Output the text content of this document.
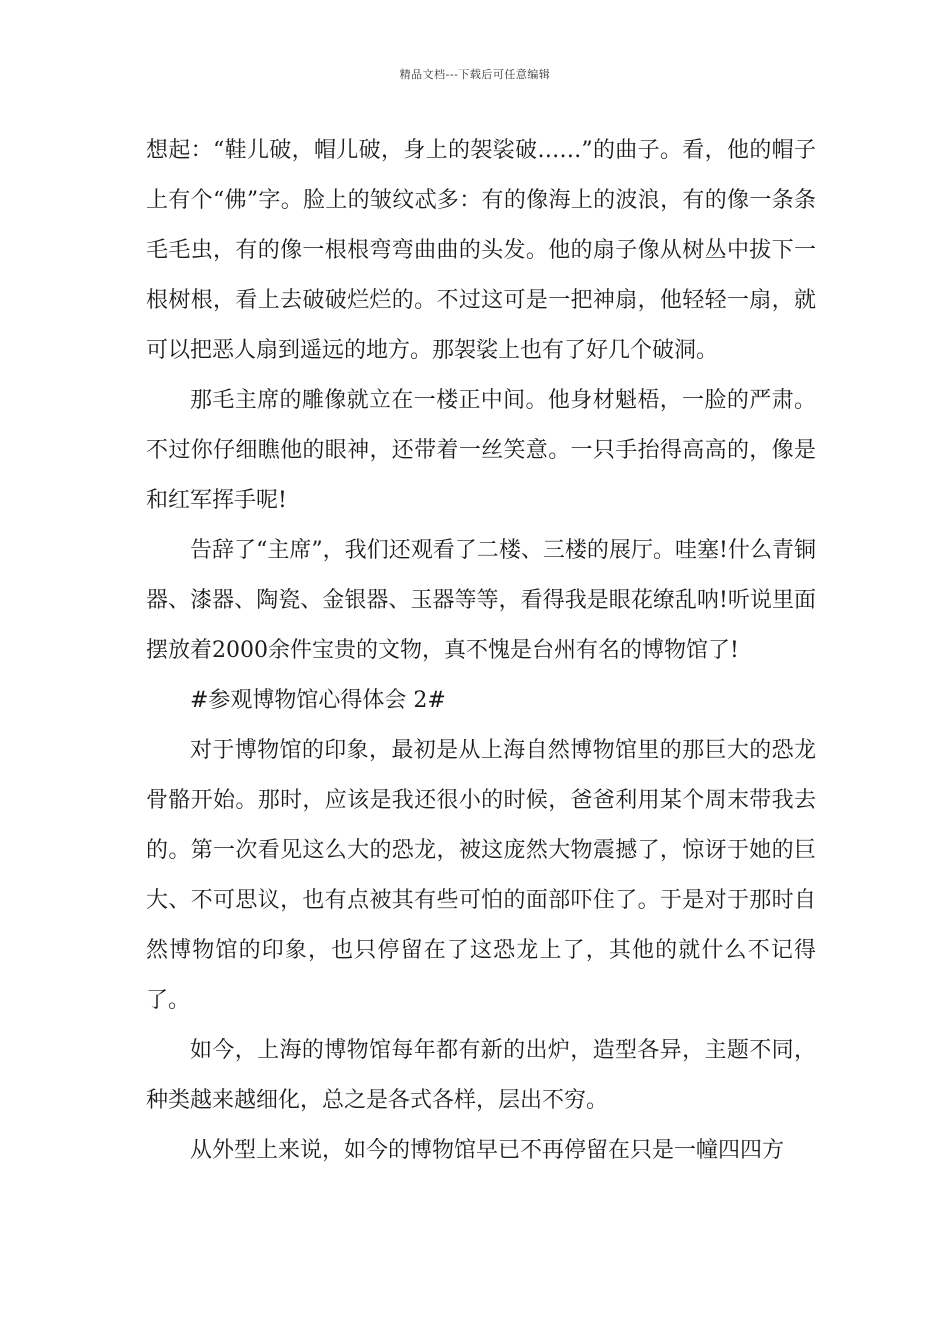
精品文档---下载后可任意编辑

想起：“鞋儿破，帽儿破，身上的袈裟破……”的曲子。看，他的帽子上有个“佛”字。脸上的皱纹忒多：有的像海上的波浪，有的像一条条毛毛虫，有的像一根根弯弯曲曲的头发。他的扇子像从树丛中拔下一根树根，看上去破破烂烂的。不过这可是一把神扇，他轻轻一扇，就可以把恶人扇到遥远的地方。那袈裟上也有了好几个破洞。

那毛主席的雕像就立在一楼正中间。他身材魁梧，一脸的严肃。不过你仔细瞧他的眼神，还带着一丝笑意。一只手抬得高高的，像是和红军挥手呢!

告辞了“主席”，我们还观看了二楼、三楼的展厅。哇塞!什么青铜器、漆器、陶瓷、金银器、玉器等等，看得我是眼花缭乱呐!听说里面摆放着2000余件宝贵的文物，真不愧是台州有名的博物馆了!

#参观博物馆心得体会 2#

对于博物馆的印象，最初是从上海自然博物馆里的那巨大的恐龙骨骼开始。那时，应该是我还很小的时候，爸爸利用某个周末带我去的。第一次看见这么大的恐龙，被这庞然大物震撼了，惊讶于她的巨大、不可思议，也有点被其有些可怕的面部吓住了。于是对于那时自然博物馆的印象，也只停留在了这恐龙上了，其他的就什么不记得了。

如今，上海的博物馆每年都有新的出炉，造型各异，主题不同，种类越来越细化，总之是各式各样，层出不穷。

从外型上来说，如今的博物馆早已不再停留在只是一幢四四方
